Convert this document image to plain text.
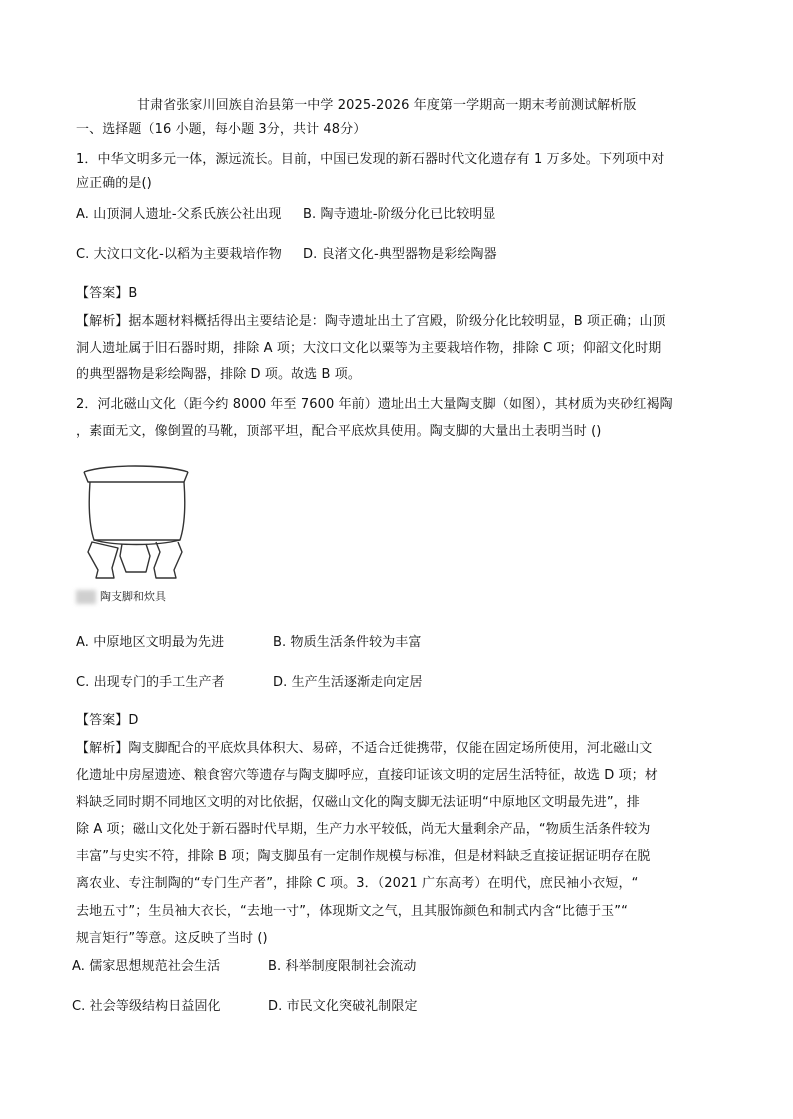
甘肃省张家川回族自治县第一中学 2025-2026 年度第一学期高一期末考前测试解析版
一、选择题（16 小题，每小题 3分，共计 48分）
1．中华文明多元一体，源远流长。目前，中国已发现的新石器时代文化遗存有 1 万多处。下列项中对
应正确的是()
A. 山顶洞人遗址-父系氏族公社出现 B. 陶寺遗址-阶级分化已比较明显
C. 大汶口文化-以稻为主要栽培作物 D. 良渚文化-典型器物是彩绘陶器
【答案】B
【解析】据本题材料概括得出主要结论是：陶寺遗址出土了宫殿，阶级分化比较明显，B 项正确；山顶
洞人遗址属于旧石器时期，排除 A 项；大汶口文化以粟等为主要栽培作物，排除 C 项；仰韶文化时期
的典型器物是彩绘陶器，排除 D 项。故选 B 项。
2．河北磁山文化（距今约 8000 年至 7600 年前）遗址出土大量陶支脚（如图），其材质为夹砂红褐陶
，素面无文，像倒置的马靴，顶部平坦，配合平底炊具使用。陶支脚的大量出土表明当时 ()
陶支脚和炊具
A. 中原地区文明最为先进	B. 物质生活条件较为丰富
C. 出现专门的手工生产者	D. 生产生活逐渐走向定居
【答案】D
【解析】陶支脚配合的平底炊具体积大、易碎，不适合迁徙携带，仅能在固定场所使用，河北磁山文
化遗址中房屋遗迹、粮食窖穴等遗存与陶支脚呼应，直接印证该文明的定居生活特征，故选 D 项；材
料缺乏同时期不同地区文明的对比依据，仅磁山文化的陶支脚无法证明“中原地区文明最先进”，排
除 A 项；磁山文化处于新石器时代早期，生产力水平较低，尚无大量剩余产品，“物质生活条件较为
丰富”与史实不符，排除 B 项；陶支脚虽有一定制作规模与标准，但是材料缺乏直接证据证明存在脱
离农业、专注制陶的“专门生产者”，排除 C 项。3．（2021 广东高考）在明代，庶民袖小衣短，“
去地五寸”；生员袖大衣长，“去地一寸”，体现斯文之气，且其服饰颜色和制式内含“比德于玉”“
规言矩行”等意。这反映了当时 ()
A. 儒家思想规范社会生活	B. 科举制度限制社会流动
C. 社会等级结构日益固化	D. 市民文化突破礼制限定
